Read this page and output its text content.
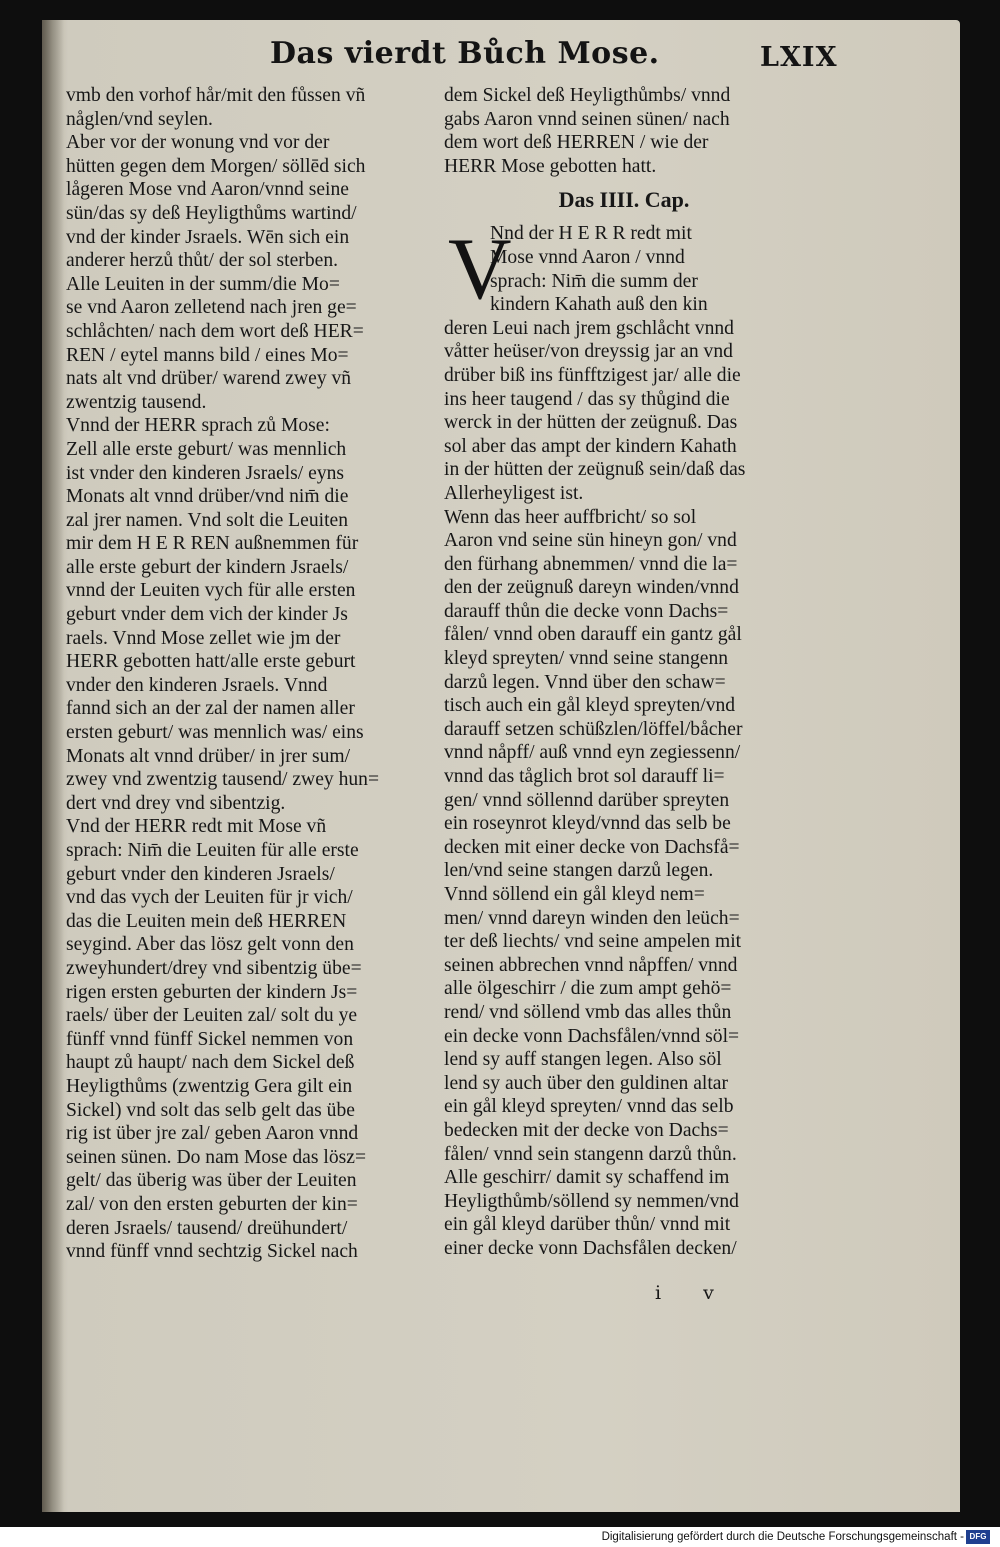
Das vierdt Bůch Mose.	LXIX
vmb den vorhof hår/mit den fůssen vñ
någlen/vnd seylen.
Aber vor der wonung vnd vor der
hütten gegen dem Morgen/ söllēd sich
lågeren Mose vnd Aaron/vnnd seine
sün/das sy deß Heyligthůms wartind/
vnd der kinder Jsraels. Wēn sich ein
anderer herzů thůt/ der sol sterben.
Alle Leuiten in der summ/die Mo=
se vnd Aaron zelletend nach jren ge=
schlåchten/ nach dem wort deß HER=
REN / eytel manns bild / eines Mo=
nats alt vnd drüber/ warend zwey vñ
zwentzig tausend.
Vnnd der HERR sprach zů Mose:
Zell alle erste geburt/ was mennlich
ist vnder den kinderen Jsraels/ eyns
Monats alt vnnd drüber/vnd nim̄ die
zal jrer namen. Vnd solt die Leuiten
mir dem H E R REN außnemmen für
alle erste geburt der kindern Jsraels/
vnnd der Leuiten vych für alle ersten
geburt vnder dem vich der kinder Js
raels. Vnnd Mose zellet wie jm der
HERR gebotten hatt/alle erste geburt
vnder den kinderen Jsraels. Vnnd
fannd sich an der zal der namen aller
ersten geburt/ was mennlich was/ eins
Monats alt vnnd drüber/ in jrer sum/
zwey vnd zwentzig tausend/ zwey hun=
dert vnd drey vnd sibentzig.
Vnd der HERR redt mit Mose vñ
sprach: Nim̄ die Leuiten für alle erste
geburt vnder den kinderen Jsraels/
vnd das vych der Leuiten für jr vich/
das die Leuiten mein deß HERREN
seygind. Aber das lösz gelt vonn den
zweyhundert/drey vnd sibentzig übe=
rigen ersten geburten der kindern Js=
raels/ über der Leuiten zal/ solt du ye
fünff vnnd fünff Sickel nemmen von
haupt zů haupt/ nach dem Sickel deß
Heyligthůms (zwentzig Gera gilt ein
Sickel) vnd solt das selb gelt das übe
rig ist über jre zal/ geben Aaron vnnd
seinen sünen. Do nam Mose das lösz=
gelt/ das überig was über der Leuiten
zal/ von den ersten geburten der kin=
deren Jsraels/ tausend/ dreühundert/
vnnd fünff vnnd sechtzig Sickel nach
dem Sickel deß Heyligthůmbs/ vnnd
gabs Aaron vnnd seinen sünen/ nach
dem wort deß HERREN / wie der
HERR Mose gebotten hatt.
Das IIII. Cap.
Nnd der H E R R redt mit
Mose vnnd Aaron / vnnd
sprach: Nim̄ die summ der
kindern Kahath auß den kin
deren Leui nach jrem gschlåcht vnnd
våtter heüser/von dreyssig jar an vnd
drüber biß ins fünfftzigest jar/ alle die
ins heer taugend / das sy thůgind die
werck in der hütten der zeügnuß. Das
sol aber das ampt der kindern Kahath
in der hütten der zeügnuß sein/daß das
Allerheyligest ist.
Wenn das heer auffbricht/ so sol
Aaron vnd seine sün hineyn gon/ vnd
den fürhang abnemmen/ vnnd die la=
den der zeügnuß dareyn winden/vnnd
darauff thůn die decke vonn Dachs=
fålen/ vnnd oben darauff ein gantz gål
kleyd spreyten/ vnnd seine stangenn
darzů legen. Vnnd über den schaw=
tisch auch ein gål kleyd spreyten/vnd
darauff setzen schüßzlen/löffel/båcher
vnnd nåpff/ auß vnnd eyn zegiessenn/
vnnd das tåglich brot sol darauff li=
gen/ vnnd söllennd darüber spreyten
ein roseynrot kleyd/vnnd das selb be
decken mit einer decke von Dachsfå=
len/vnd seine stangen darzů legen.
Vnnd söllend ein gål kleyd nem=
men/ vnnd dareyn winden den leüch=
ter deß liechts/ vnd seine ampelen mit
seinen abbrechen vnnd nåpffen/ vnnd
alle ölgeschirr / die zum ampt gehö=
rend/ vnd söllend vmb das alles thůn
ein decke vonn Dachsfålen/vnnd söl=
lend sy auff stangen legen. Also söl
lend sy auch über den guldinen altar
ein gål kleyd spreyten/ vnnd das selb
bedecken mit der decke von Dachs=
fålen/ vnnd sein stangenn darzů thůn.
Alle geschirr/ damit sy schaffend im
Heyligthůmb/söllend sy nemmen/vnd
ein gål kleyd darüber thůn/ vnnd mit
einer decke vonn Dachsfålen decken/
V
i v
Digitalisierung gefördert durch die Deutsche Forschungsgemeinschaft - DFG
